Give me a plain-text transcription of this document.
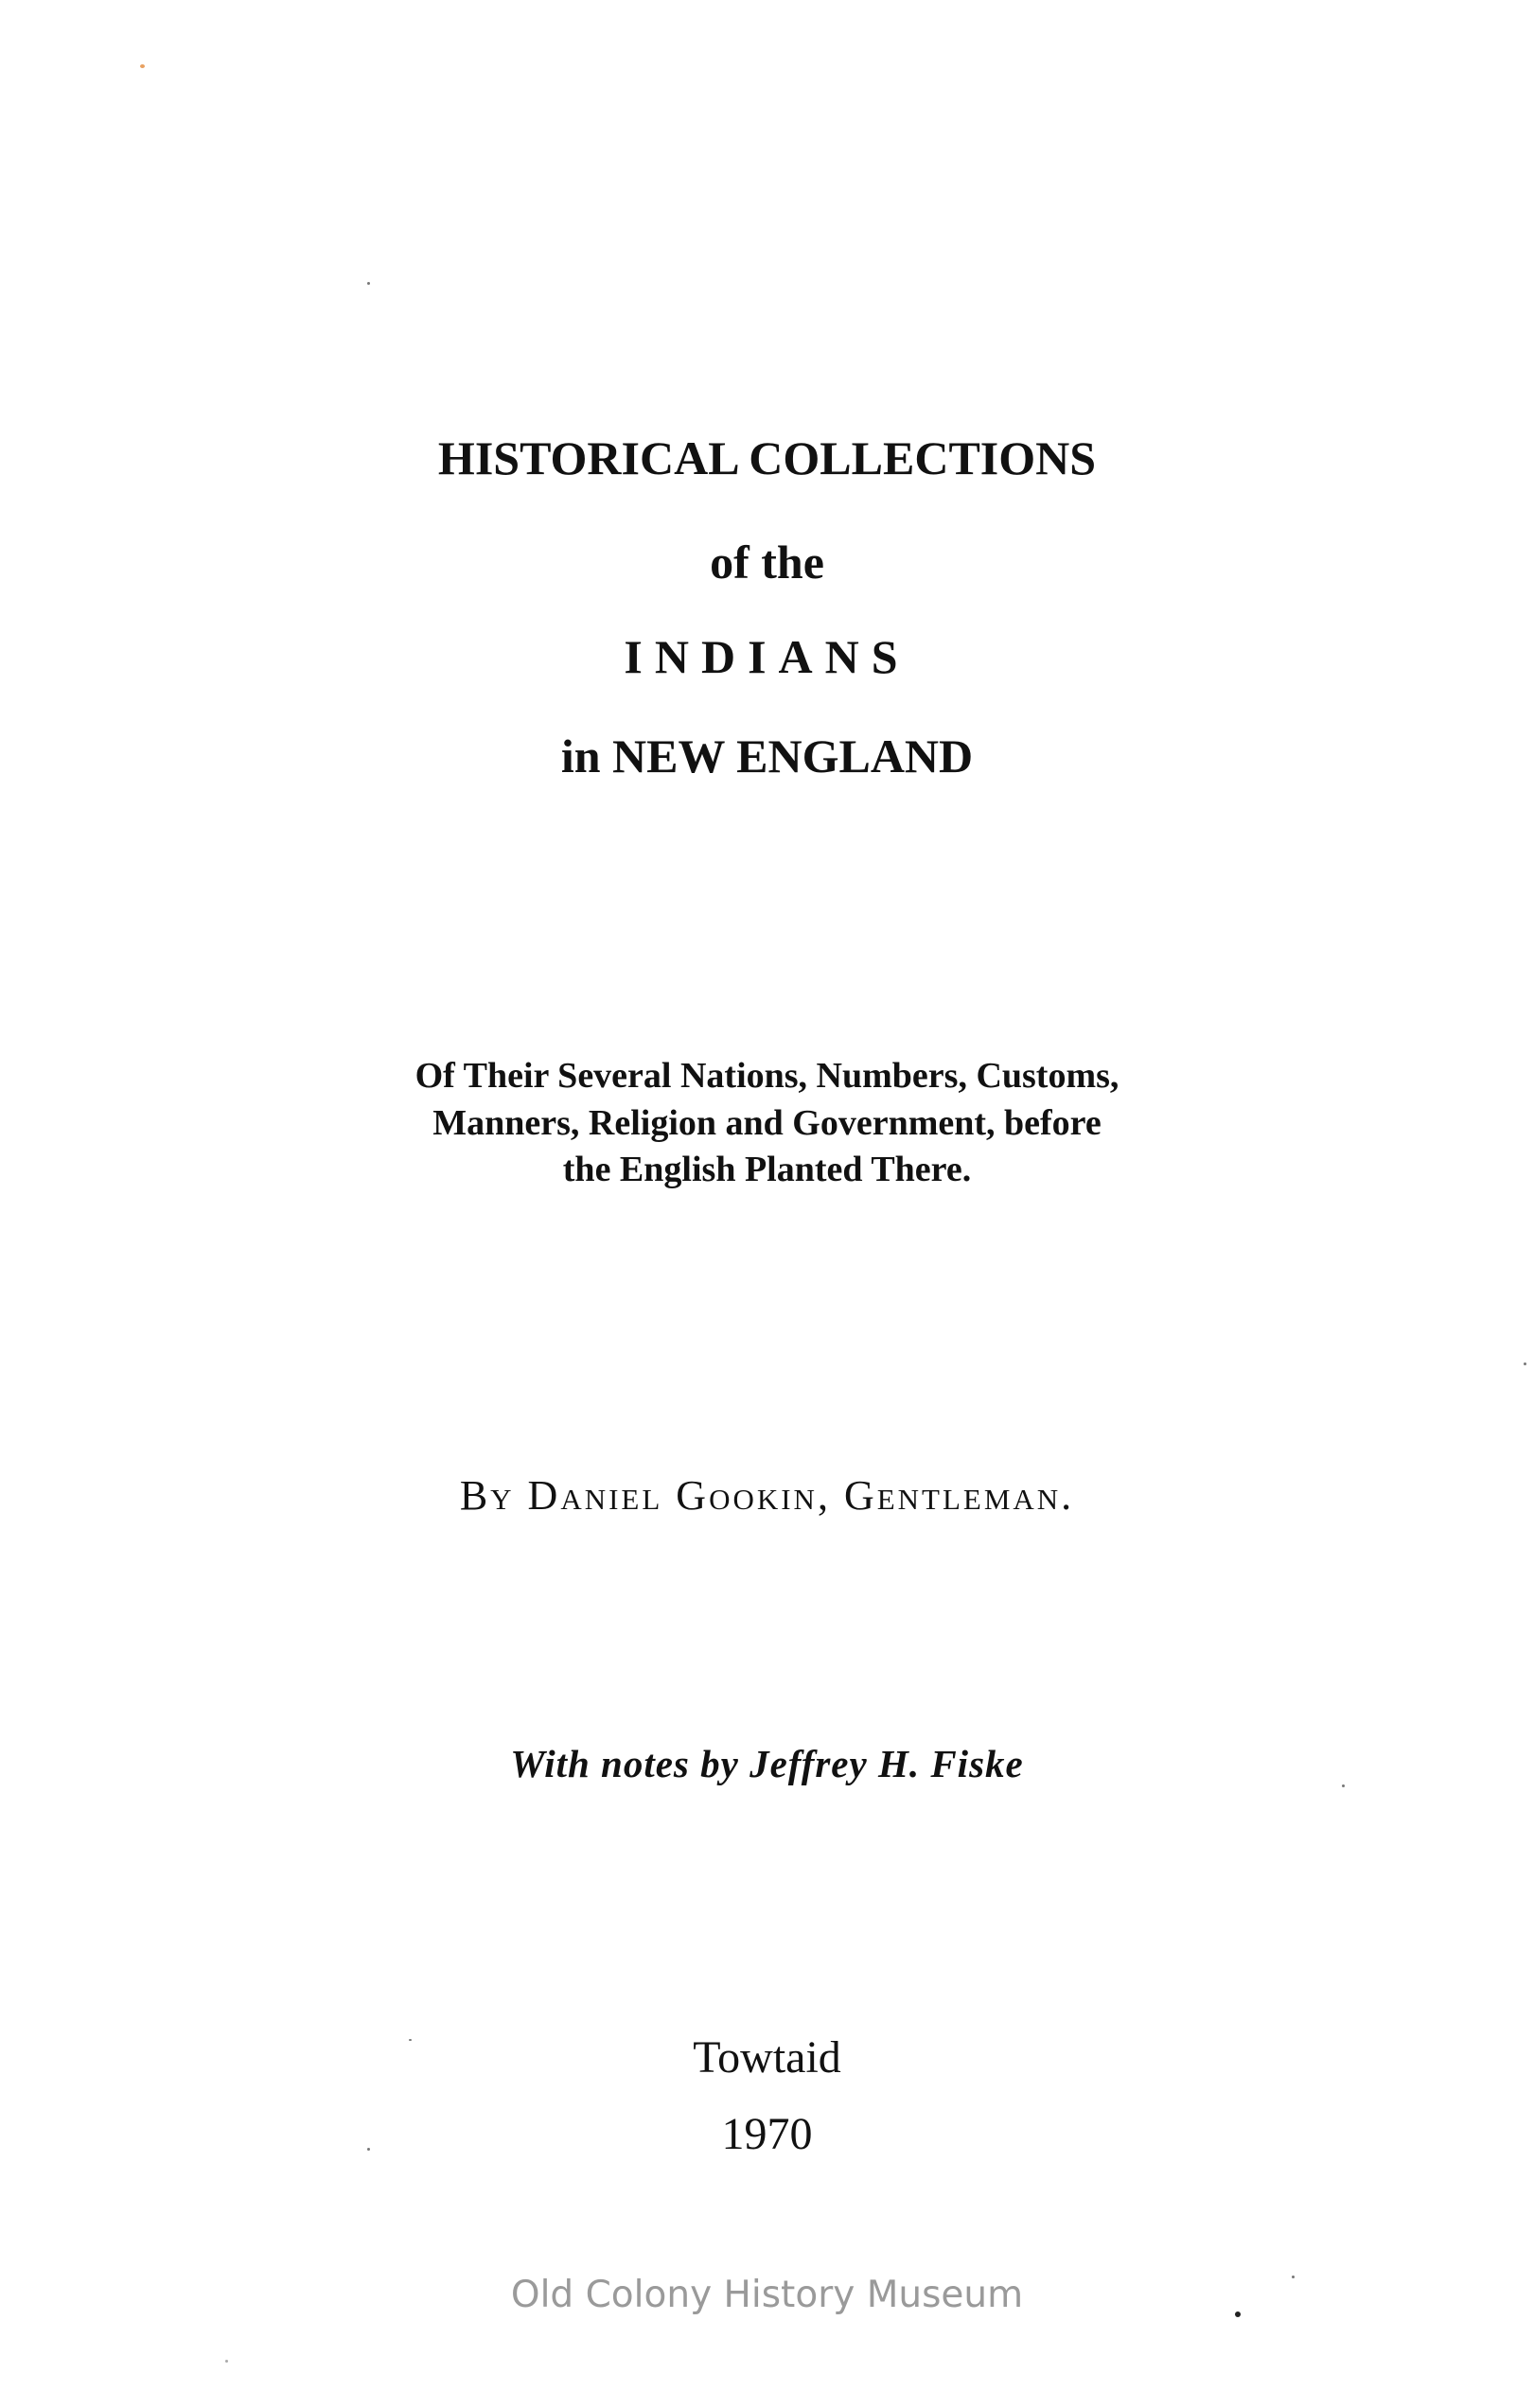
HISTORICAL COLLECTIONS
of the
INDIANS
in NEW ENGLAND
Of Their Several Nations, Numbers, Customs,
Manners, Religion and Government, before
the English Planted There.
By Daniel Gookin, Gentleman.
With notes by Jeffrey H. Fiske
Towtaid
1970
Old Colony History Museum
